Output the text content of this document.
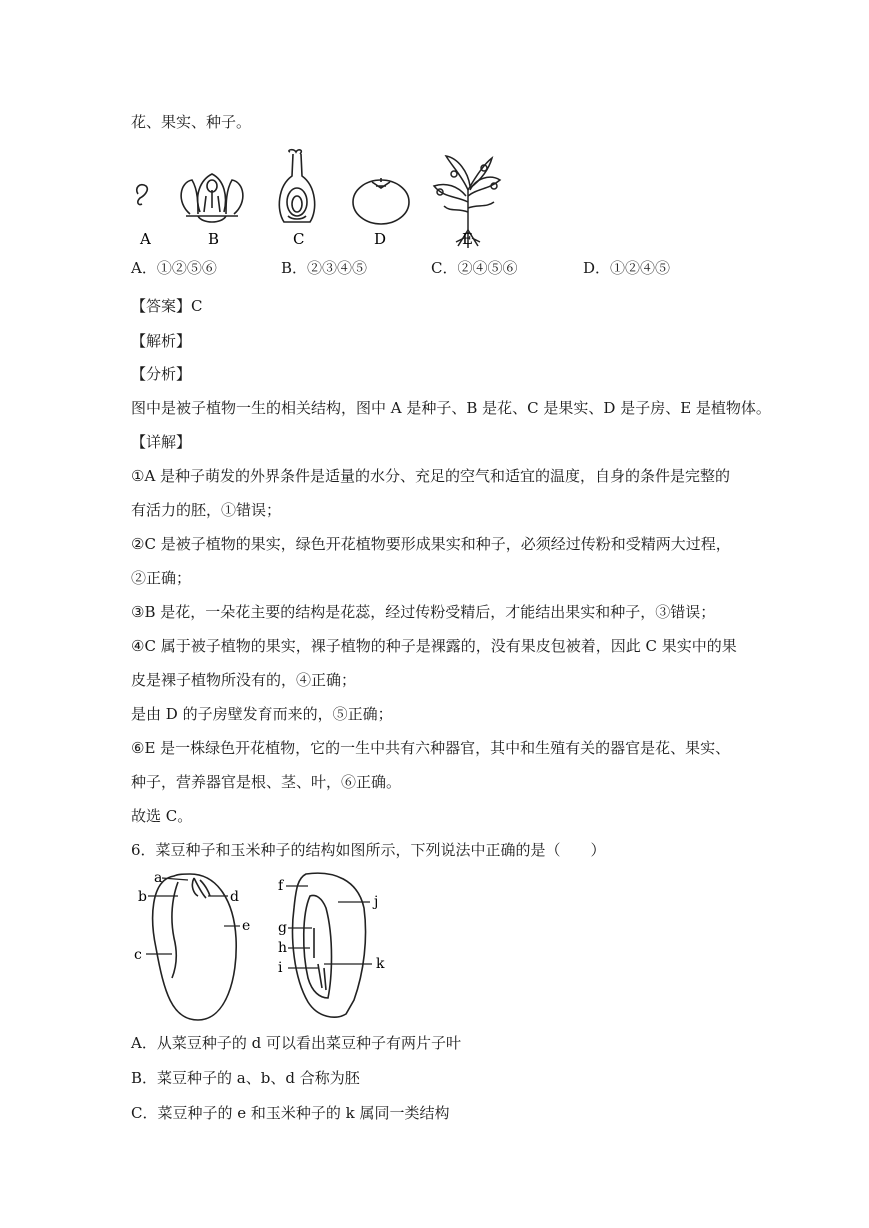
花、果实、种子。
A	B	C	D	E
A．①②⑤⑥	B．②③④⑤	C．②④⑤⑥	D．①②④⑤
【答案】C
【解析】
【分析】
图中是被子植物一生的相关结构，图中 A 是种子、B 是花、C 是果实、D 是子房、E 是植物体。
【详解】
①A 是种子萌发的外界条件是适量的水分、充足的空气和适宜的温度，自身的条件是完整的
有活力的胚，①错误；
②C 是被子植物的果实，绿色开花植物要形成果实和种子，必须经过传粉和受精两大过程，
②正确；
③B 是花，一朵花主要的结构是花蕊，经过传粉受精后，才能结出果实和种子，③错误；
④C 属于被子植物的果实，裸子植物的种子是裸露的，没有果皮包被着，因此 C 果实中的果
皮是裸子植物所没有的，④正确；
是由 D 的子房壁发育而来的，⑤正确；
⑥E 是一株绿色开花植物，它的一生中共有六种器官，其中和生殖有关的器官是花、果实、
种子，营养器官是根、茎、叶，⑥正确。
故选 C。
6．菜豆种子和玉米种子的结构如图所示，下列说法中正确的是（　　）
a
b
c
d
e
f
g
h
i
j
k
A．从菜豆种子的 d 可以看出菜豆种子有两片子叶
B．菜豆种子的 a、b、d 合称为胚
C．菜豆种子的 e 和玉米种子的 k 属同一类结构
